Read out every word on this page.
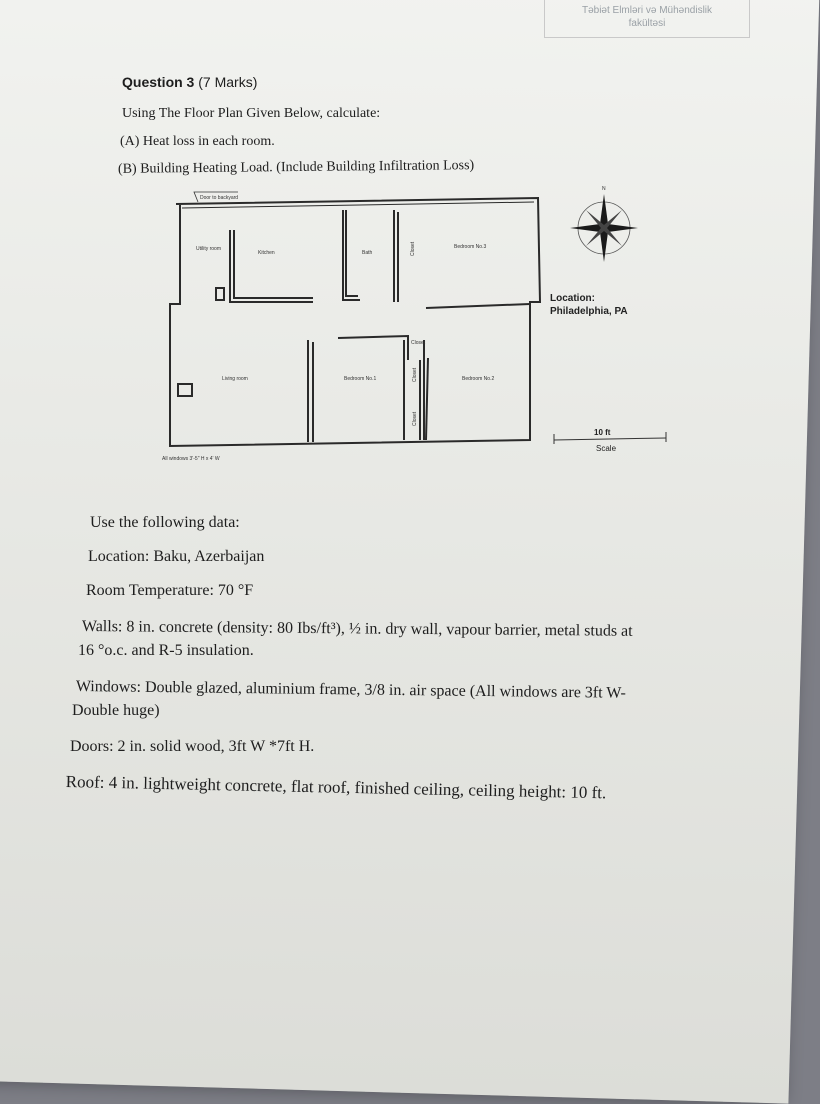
Təbiət Elmləri və Mühəndislik
fakültəsi
Question 3 (7 Marks)
Using The Floor Plan Given Below, calculate:
(A) Heat loss in each room.
(B) Building Heating Load. (Include Building Infiltration Loss)
Door to backyard
Utility room
Kitchen	Bath	Closet	Bedroom No.3
Living room	Bedroom No.1	Closet
Closet
Closet
Bedroom No.2
All windows 3'-5" H x 4' W
N
Location:
Philadelphia, PA
10 ft
Scale
Use the following data:
Location: Baku, Azerbaijan
Room Temperature: 70 °F
Walls: 8 in. concrete (density: 80 Ibs/ft³), ½ in. dry wall, vapour barrier, metal studs at
16 °o.c. and R-5 insulation.
Windows: Double glazed, aluminium frame, 3/8 in. air space (All windows are 3ft W-
Double huge)
Doors: 2 in. solid wood, 3ft W *7ft H.
Roof: 4 in. lightweight concrete, flat roof, finished ceiling, ceiling height: 10 ft.
